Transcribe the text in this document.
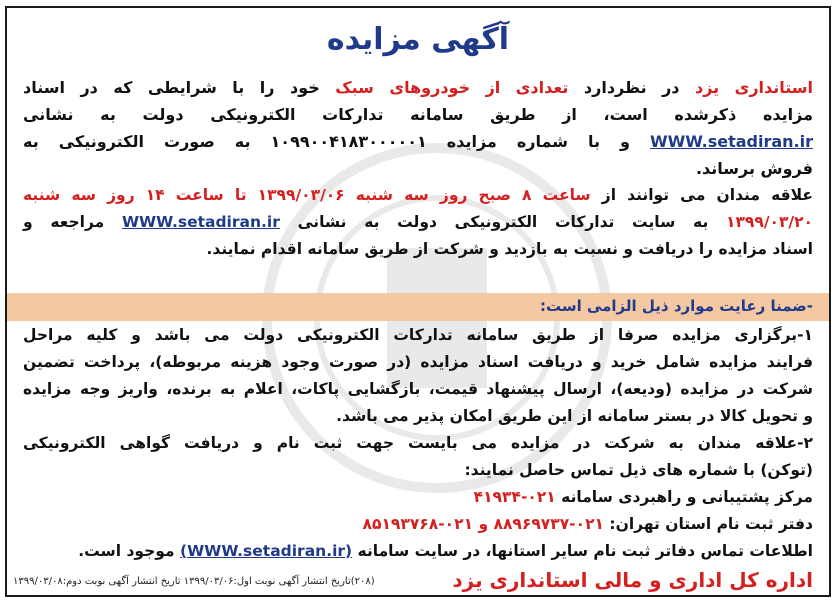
آگهی مزایده
استانداری یزد در نظردارد تعدادی از خودروهای سبک خود را با شرایطی که در اسناد
مزایده ذکرشده است، از طریق سامانه تدارکات الکترونیکی دولت به نشانی
WWW.setadiran.ir و با شماره مزایده ۱۰۹۹۰۰۴۱۸۳۰۰۰۰۰۱ به صورت الکترونیکی به
فروش برساند.
علاقه مندان می توانند از ساعت ۸ صبح روز سه شنبه ۱۳۹۹/۰۳/۰۶ تا ساعت ۱۴ روز سه شنبه
۱۳۹۹/۰۳/۲۰ به سایت تدارکات الکترونیکی دولت به نشانی WWW.setadiran.ir مراجعه و
اسناد مزایده را دریافت و نسبت به بازدید و شرکت از طریق سامانه اقدام نمایند.
-ضمنا رعایت موارد ذیل الزامی است:
۱-برگزاری مزایده صرفا از طریق سامانه تدارکات الکترونیکی دولت می باشد و کلیه مراحل
فرایند مزایده شامل خرید و دریافت اسناد مزایده (در صورت وجود هزینه مربوطه)، پرداخت تضمین
شرکت در مزایده (ودیعه)، ارسال پیشنهاد قیمت، بازگشایی پاکات، اعلام به برنده، واریز وجه مزایده
و تحویل کالا در بستر سامانه از این طریق امکان پذیر می باشد.
۲-علاقه مندان به شرکت در مزایده می بایست جهت ثبت نام و دریافت گواهی الکترونیکی
(توکن) با شماره های ذیل تماس حاصل نمایند:
مرکز پشتیبانی و راهبردی سامانه ۰۲۱-۴۱۹۳۴
دفتر ثبت نام استان تهران: ۰۲۱-۸۸۹۶۹۷۳۷ و ۰۲۱-۸۵۱۹۳۷۶۸
اطلاعات تماس دفاتر ثبت نام سایر استانها، در سایت سامانه (WWW.setadiran.ir) موجود است.
(۲۰۸)تاریخ انتشار آگهی نوبت اول:۱۳۹۹/۰۳/۰۶ تاریخ انتشار آگهی نوبت دوم:۱۳۹۹/۰۳/۰۸	اداره کل اداری و مالی استانداری یزد
